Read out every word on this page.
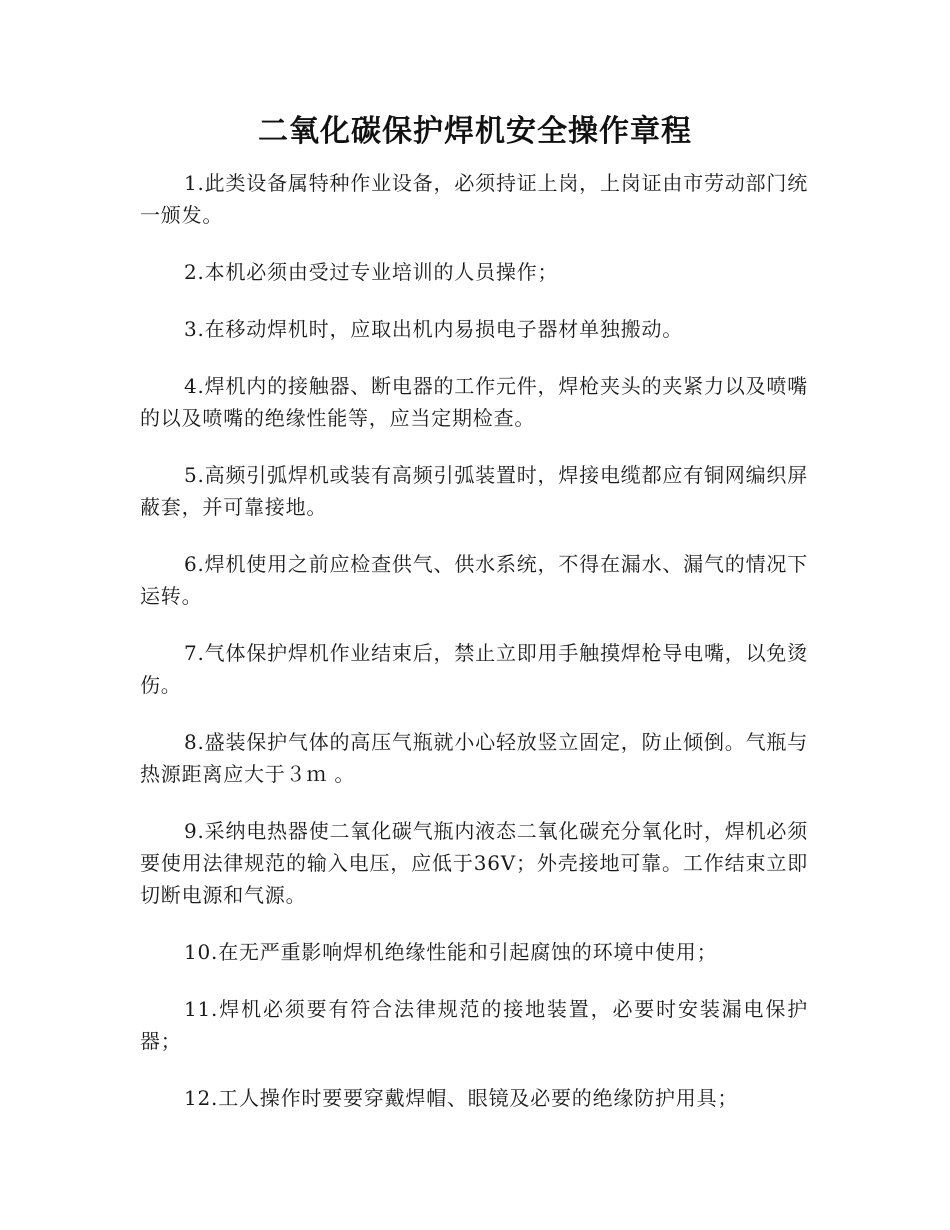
二氧化碳保护焊机安全操作章程

1.此类设备属特种作业设备，必须持证上岗，上岗证由市劳动部门统一颁发。

2.本机必须由受过专业培训的人员操作；

3.在移动焊机时，应取出机内易损电子器材单独搬动。

4.焊机内的接触器、断电器的工作元件，焊枪夹头的夹紧力以及喷嘴的以及喷嘴的绝缘性能等，应当定期检查。

5.高频引弧焊机或装有高频引弧装置时，焊接电缆都应有铜网编织屏蔽套，并可靠接地。

6.焊机使用之前应检查供气、供水系统，不得在漏水、漏气的情况下运转。

7.气体保护焊机作业结束后，禁止立即用手触摸焊枪导电嘴，以免烫伤。

8.盛装保护气体的高压气瓶就小心轻放竖立固定，防止倾倒。气瓶与热源距离应大于３ｍ 。

9.采纳电热器使二氧化碳气瓶内液态二氧化碳充分氧化时，焊机必须要使用法律规范的输入电压，应低于36V；外壳接地可靠。工作结束立即切断电源和气源。

10.在无严重影响焊机绝缘性能和引起腐蚀的环境中使用；

11.焊机必须要有符合法律规范的接地装置，必要时安装漏电保护器；

12.工人操作时要要穿戴焊帽、眼镜及必要的绝缘防护用具；
